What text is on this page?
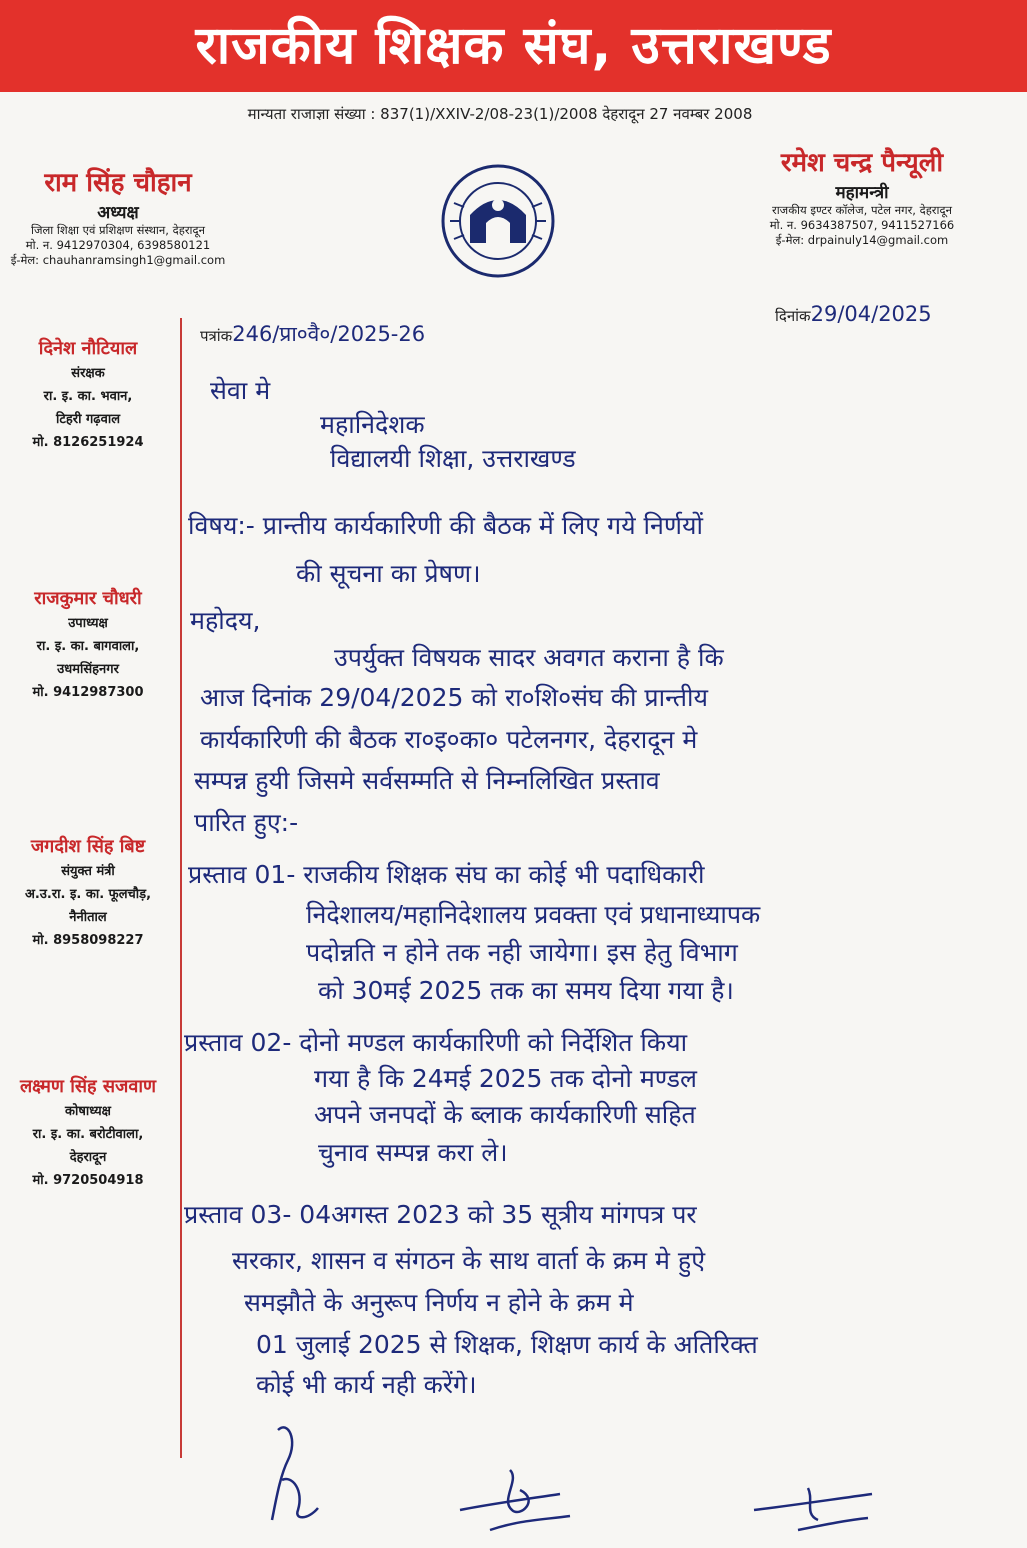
राजकीय शिक्षक संघ, उत्तराखण्ड
मान्यता राजाज्ञा संख्या : 837(1)/XXIV-2/08-23(1)/2008 देहरादून 27 नवम्बर 2008
राम सिंह चौहान
अध्यक्ष
जिला शिक्षा एवं प्रशिक्षण संस्थान, देहरादून
मो. न. 9412970304, 6398580121
ई-मेल: chauhanramsingh1@gmail.com
रमेश चन्द्र पैन्यूली
महामन्त्री
राजकीय इण्टर कॉलेज, पटेल नगर, देहरादून
मो. न. 9634387507, 9411527166
ई-मेल: drpainuly14@gmail.com
दिनेश नौटियाल
संरक्षक
रा. इ. का. भवान,
टिहरी गढ़वाल
मो. 8126251924
राजकुमार चौधरी
उपाध्यक्ष
रा. इ. का. बागवाला,
उधमसिंहनगर
मो. 9412987300
जगदीश सिंह बिष्ट
संयुक्त मंत्री
अ.उ.रा. इ. का. फूलचौड़,
नैनीताल
मो. 8958098227
लक्ष्मण सिंह सजवाण
कोषाध्यक्ष
रा. इ. का. बरोटीवाला,
देहरादून
मो. 9720504918
पत्रांक246/प्रा०वै०/2025-26
दिनांक29/04/2025
सेवा मे
महानिदेशक
विद्यालयी शिक्षा, उत्तराखण्ड
विषय:- प्रान्तीय कार्यकारिणी की बैठक में लिए गये निर्णयों
की सूचना का प्रेषण।
महोदय,
उपर्युक्त विषयक सादर अवगत कराना है कि
आज दिनांक 29/04/2025 को रा०शि०संघ की प्रान्तीय
कार्यकारिणी की बैठक रा०इ०का० पटेलनगर, देहरादून मे
सम्पन्न हुयी जिसमे सर्वसम्मति से निम्नलिखित प्रस्ताव
पारित हुए:-
प्रस्ताव 01- राजकीय शिक्षक संघ का कोई भी पदाधिकारी
निदेशालय/महानिदेशालय प्रवक्ता एवं प्रधानाध्यापक
पदोन्नति न होने तक नही जायेगा। इस हेतु विभाग
को 30मई 2025 तक का समय दिया गया है।
प्रस्ताव 02- दोनो मण्डल कार्यकारिणी को निर्देशित किया
गया है कि 24मई 2025 तक दोनो मण्डल
अपने जनपदों के ब्लाक कार्यकारिणी सहित
चुनाव सम्पन्न करा ले।
प्रस्ताव 03- 04अगस्त 2023 को 35 सूत्रीय मांगपत्र पर
सरकार, शासन व संगठन के साथ वार्ता के क्रम मे हुऐ
समझौते के अनुरूप निर्णय न होने के क्रम मे
01 जुलाई 2025 से शिक्षक, शिक्षण कार्य के अतिरिक्त
कोई भी कार्य नही करेंगे।
